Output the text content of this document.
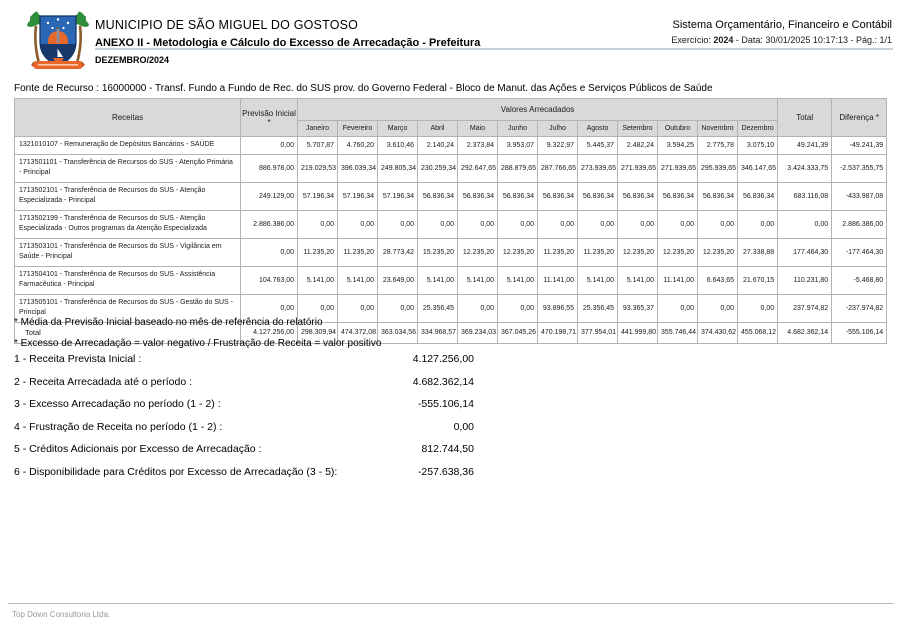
MUNICIPIO DE SÃO MIGUEL DO GOSTOSO
ANEXO II - Metodologia e Cálculo do Excesso de Arrecadação - Prefeitura
DEZEMBRO/2024
Sistema Orçamentário, Financeiro e Contábil
Exercício: 2024 - Data: 30/01/2025 10:17:13 - Pág.: 1/1
Fonte de Recurso : 16000000 - Transf. Fundo a Fundo de Rec. do SUS prov. do Governo Federal - Bloco de Manut. das Ações e Serviços Públicos de Saúde
Receitas	Previsão Inicial *	Valores Arrecadados												Total	Diferença *
		Janeiro	Fevereiro	Março	Abril	Maio	Junho	Julho	Agosto	Setembro	Outubro	Novembro	Dezembro		
1321010107 - Remuneração de Depósitos Bancários - SAÚDE	0,00	5.707,87	4.760,20	3.610,46	2.140,24	2.373,84	3.953,07	9.322,97	5.445,37	2.482,24	3.594,25	2.775,78	3.075,10	49.241,39	-49.241,39
1713501101 - Transferência de Recursos do SUS - Atenção Primária - Principal	886.978,00	219.029,53	396.039,34	249.805,34	230.259,34	292.647,65	288.879,65	287.766,65	273.939,65	271.939,65	271.939,65	295.939,65	346.147,65	3.424.333,75	-2.537.355,75
1713502101 - Transferência de Recursos do SUS - Atenção Especializada - Principal	249.129,00	57.196,34	57.196,34	57.196,34	56.836,34	56.836,34	56.836,34	56.836,34	56.836,34	56.836,34	56.836,34	56.836,34	56.836,34	683.116,08	-433.987,08
1713502199 - Transferência de Recursos do SUS - Atenção Especializada - Outros programas da Atenção Especializada	2.886.386,00	0,00	0,00	0,00	0,00	0,00	0,00	0,00	0,00	0,00	0,00	0,00	0,00	0,00	2.886.386,00
1713503101 - Transferência de Recursos do SUS - Vigilância em Saúde - Principal	0,00	11.235,20	11.235,20	28.773,42	15.235,20	12.235,20	12.235,20	11.235,20	11.235,20	12.235,20	12.235,20	12.235,20	27.338,88	177.464,30	-177.464,30
1713504101 - Transferência de Recursos do SUS - Assistência Farmacêutica - Principal	104.763,00	5.141,00	5.141,00	23.649,00	5.141,00	5.141,00	5.141,00	11.141,00	5.141,00	5.141,00	11.141,00	6.643,65	21.670,15	110.231,80	-5.468,80
1713505101 - Transferência de Recursos do SUS - Gestão do SUS - Principal	0,00	0,00	0,00	0,00	25.356,45	0,00	0,00	93.896,55	25.356,45	93.365,37	0,00	0,00	0,00	237.974,82	-237.974,82
Total	4.127.256,00	298.309,94	474.372,08	363.034,56	334.968,57	369.234,03	367.045,26	470.198,71	377.954,01	441.999,80	355.746,44	374.430,62	455.068,12	4.682.362,14	-555.106,14
* Média da Previsão Inicial baseado no mês de referência do relatório
* Excesso de Arrecadação = valor negativo / Frustração de Receita = valor positivo
1 - Receita Prevista Inicial :	4.127.256,00
2 - Receita Arrecadada até o período :	4.682.362,14
3 - Excesso Arrecadação no período (1 - 2) :	-555.106,14
4 - Frustração de Receita no período (1 - 2) :	0,00
5 - Créditos Adicionais por Excesso de Arrecadação :	812.744,50
6 - Disponibilidade para Créditos por Excesso de Arrecadação (3 - 5):	-257.638,36
Top Down Consultoria Ltda.
